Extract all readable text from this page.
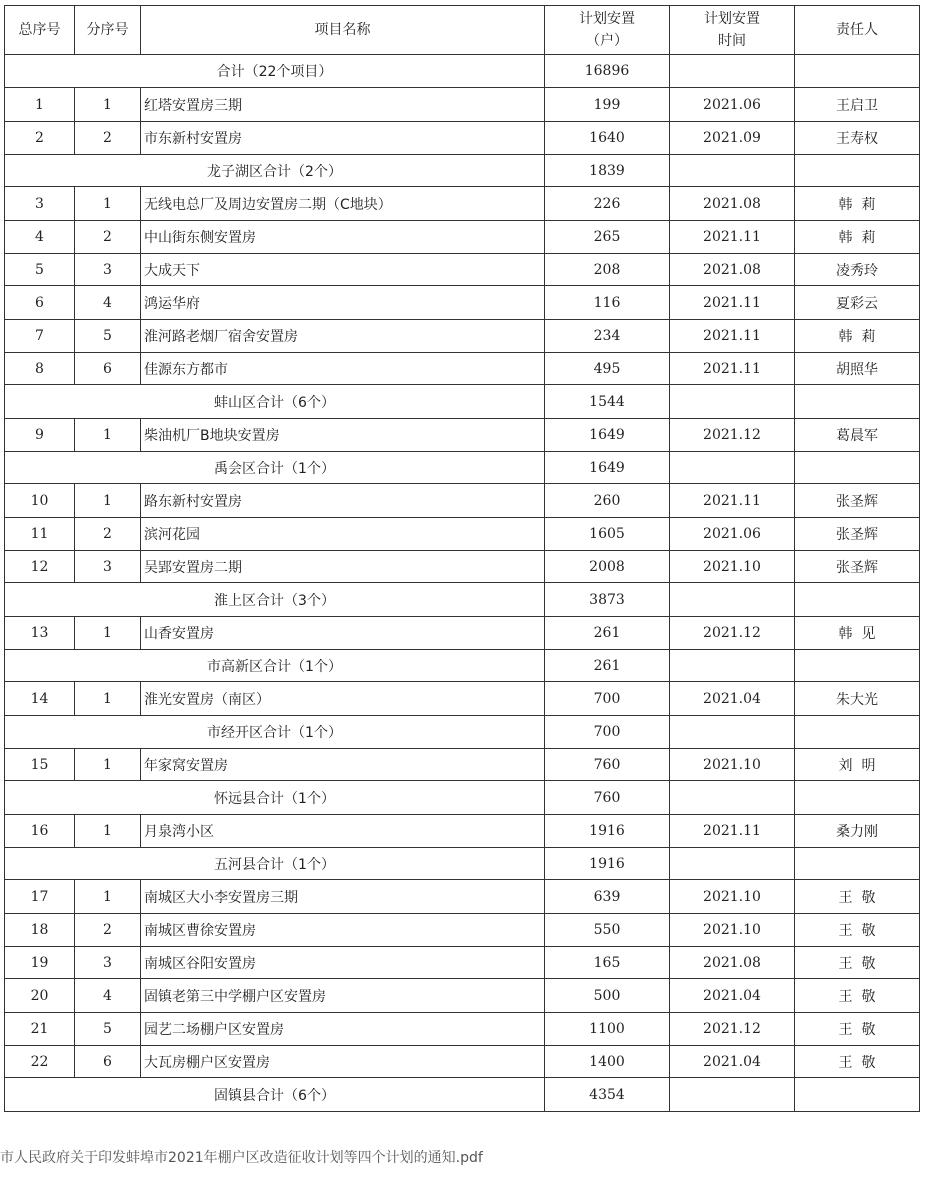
总序号	分序号	项目名称	计划安置（户）	计划安置时间	责任人
合计（22个项目）			16896		
1	1	红塔安置房三期	199	2021.06	王启卫
2	2	市东新村安置房	1640	2021.09	王寿权
龙子湖区合计（2个）			1839		
3	1	无线电总厂及周边安置房二期（C地块）	226	2021.08	韩  莉
4	2	中山街东侧安置房	265	2021.11	韩  莉
5	3	大成天下	208	2021.08	凌秀玲
6	4	鸿运华府	116	2021.11	夏彩云
7	5	淮河路老烟厂宿舍安置房	234	2021.11	韩  莉
8	6	佳源东方都市	495	2021.11	胡照华
蚌山区合计（6个）			1544		
9	1	柴油机厂B地块安置房	1649	2021.12	葛晨军
禹会区合计（1个）			1649		
10	1	路东新村安置房	260	2021.11	张圣辉
11	2	滨河花园	1605	2021.06	张圣辉
12	3	吴郢安置房二期	2008	2021.10	张圣辉
淮上区合计（3个）			3873		
13	1	山香安置房	261	2021.12	韩  见
市高新区合计（1个）			261		
14	1	淮光安置房（南区）	700	2021.04	朱大光
市经开区合计（1个）			700		
15	1	年家窝安置房	760	2021.10	刘  明
怀远县合计（1个）			760		
16	1	月泉湾小区	1916	2021.11	桑力刚
五河县合计（1个）			1916		
17	1	南城区大小李安置房三期	639	2021.10	王  敬
18	2	南城区曹徐安置房	550	2021.10	王  敬
19	3	南城区谷阳安置房	165	2021.08	王  敬
20	4	固镇老第三中学棚户区安置房	500	2021.04	王  敬
21	5	园艺二场棚户区安置房	1100	2021.12	王  敬
22	6	大瓦房棚户区安置房	1400	2021.04	王  敬
固镇县合计（6个）			4354		
市人民政府关于印发蚌埠市2021年棚户区改造征收计划等四个计划的通知.pdf
